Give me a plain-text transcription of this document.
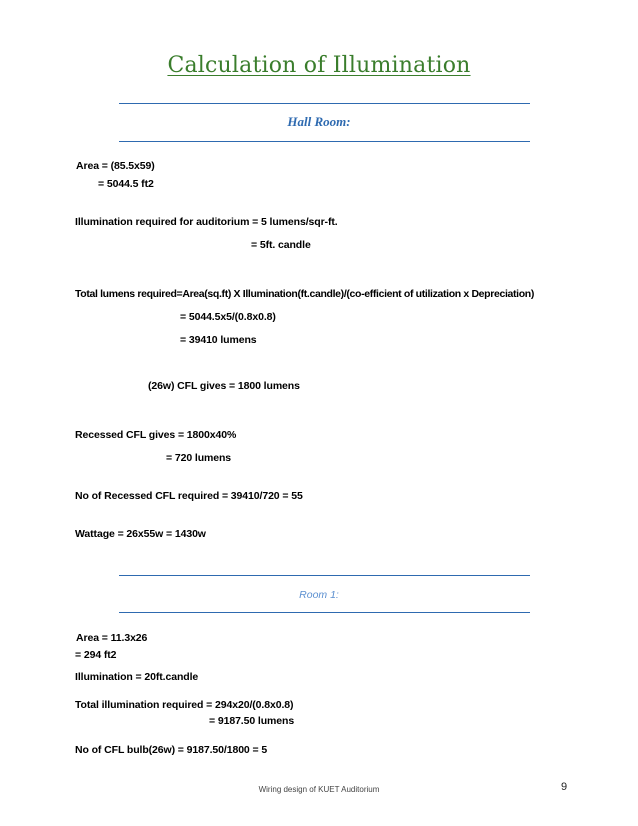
Calculation of Illumination
Hall Room:
Area = (85.5x59)
= 5044.5 ft2
Illumination required for auditorium = 5 lumens/sqr-ft.
= 5ft. candle
Total lumens required=Area(sq.ft) X Illumination(ft.candle)/(co-efficient of utilization x Depreciation)
= 5044.5x5/(0.8x0.8)
= 39410 lumens
(26w) CFL gives = 1800 lumens
Recessed CFL gives = 1800x40%
= 720 lumens
No of Recessed CFL required = 39410/720 = 55
Wattage = 26x55w = 1430w
Room 1:
Area = 11.3x26
= 294 ft2
Illumination = 20ft.candle
Total illumination required = 294x20/(0.8x0.8)
= 9187.50 lumens
No of CFL bulb(26w) = 9187.50/1800 = 5
Wiring design of KUET Auditorium	9
